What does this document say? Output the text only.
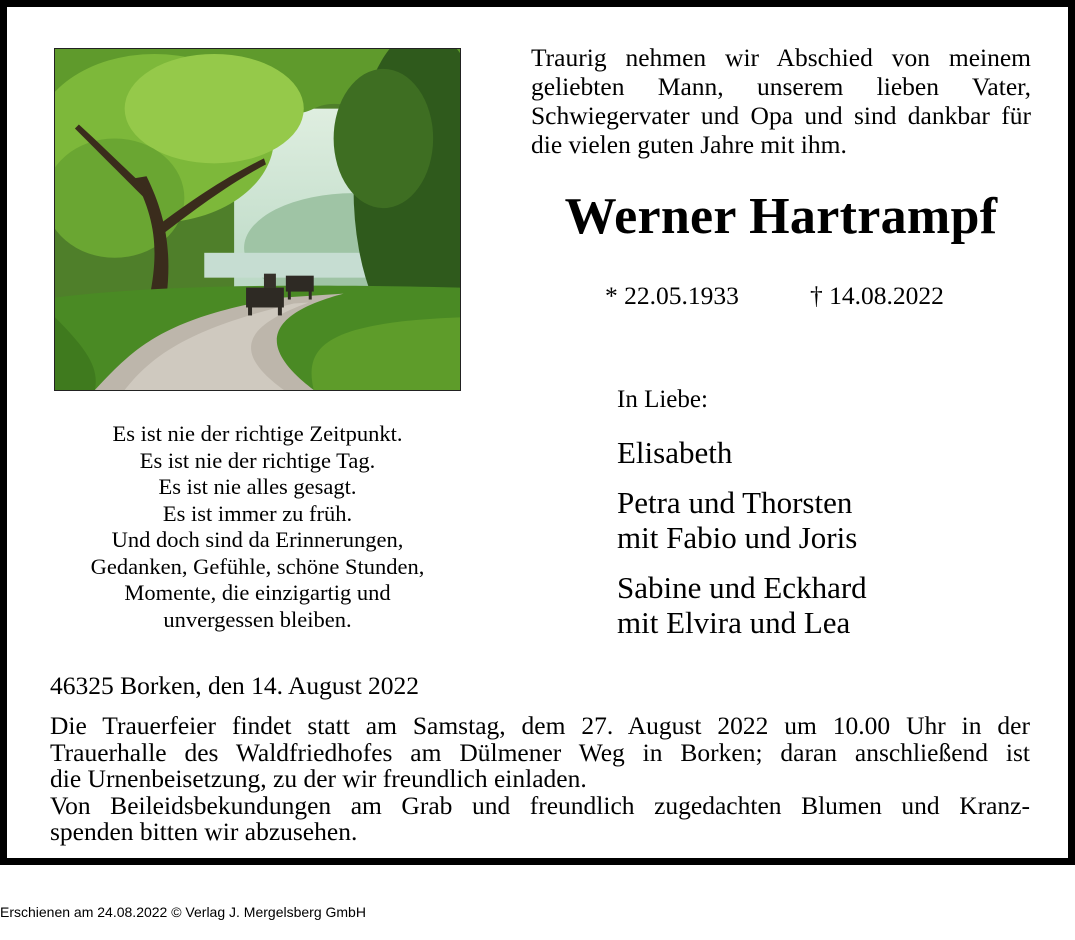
Traurig nehmen wir Abschied von meinem geliebten Mann, unserem lieben Vater, Schwiegervater und Opa und sind dankbar für die vielen guten Jahre mit ihm.
Werner Hartrampf
* 22.05.1933	† 14.08.2022
Es ist nie der richtige Zeitpunkt.
Es ist nie der richtige Tag.
Es ist nie alles gesagt.
Es ist immer zu früh.
Und doch sind da Erinnerungen,
Gedanken, Gefühle, schöne Stunden,
Momente, die einzigartig und
unvergessen bleiben.
In Liebe:
Elisabeth
Petra und Thorsten
mit Fabio und Joris
Sabine und Eckhard
mit Elvira und Lea
46325 Borken, den 14. August 2022
Die Trauerfeier findet statt am Samstag, dem 27. August 2022 um 10.00 Uhr in der
Trauerhalle des Waldfriedhofes am Dülmener Weg in Borken; daran anschließend ist
die Urnenbeisetzung, zu der wir freundlich einladen.
Von Beileidsbekundungen am Grab und freundlich zugedachten Blumen und Kranz-
spenden bitten wir abzusehen.
Erschienen am 24.08.2022 © Verlag J. Mergelsberg GmbH
